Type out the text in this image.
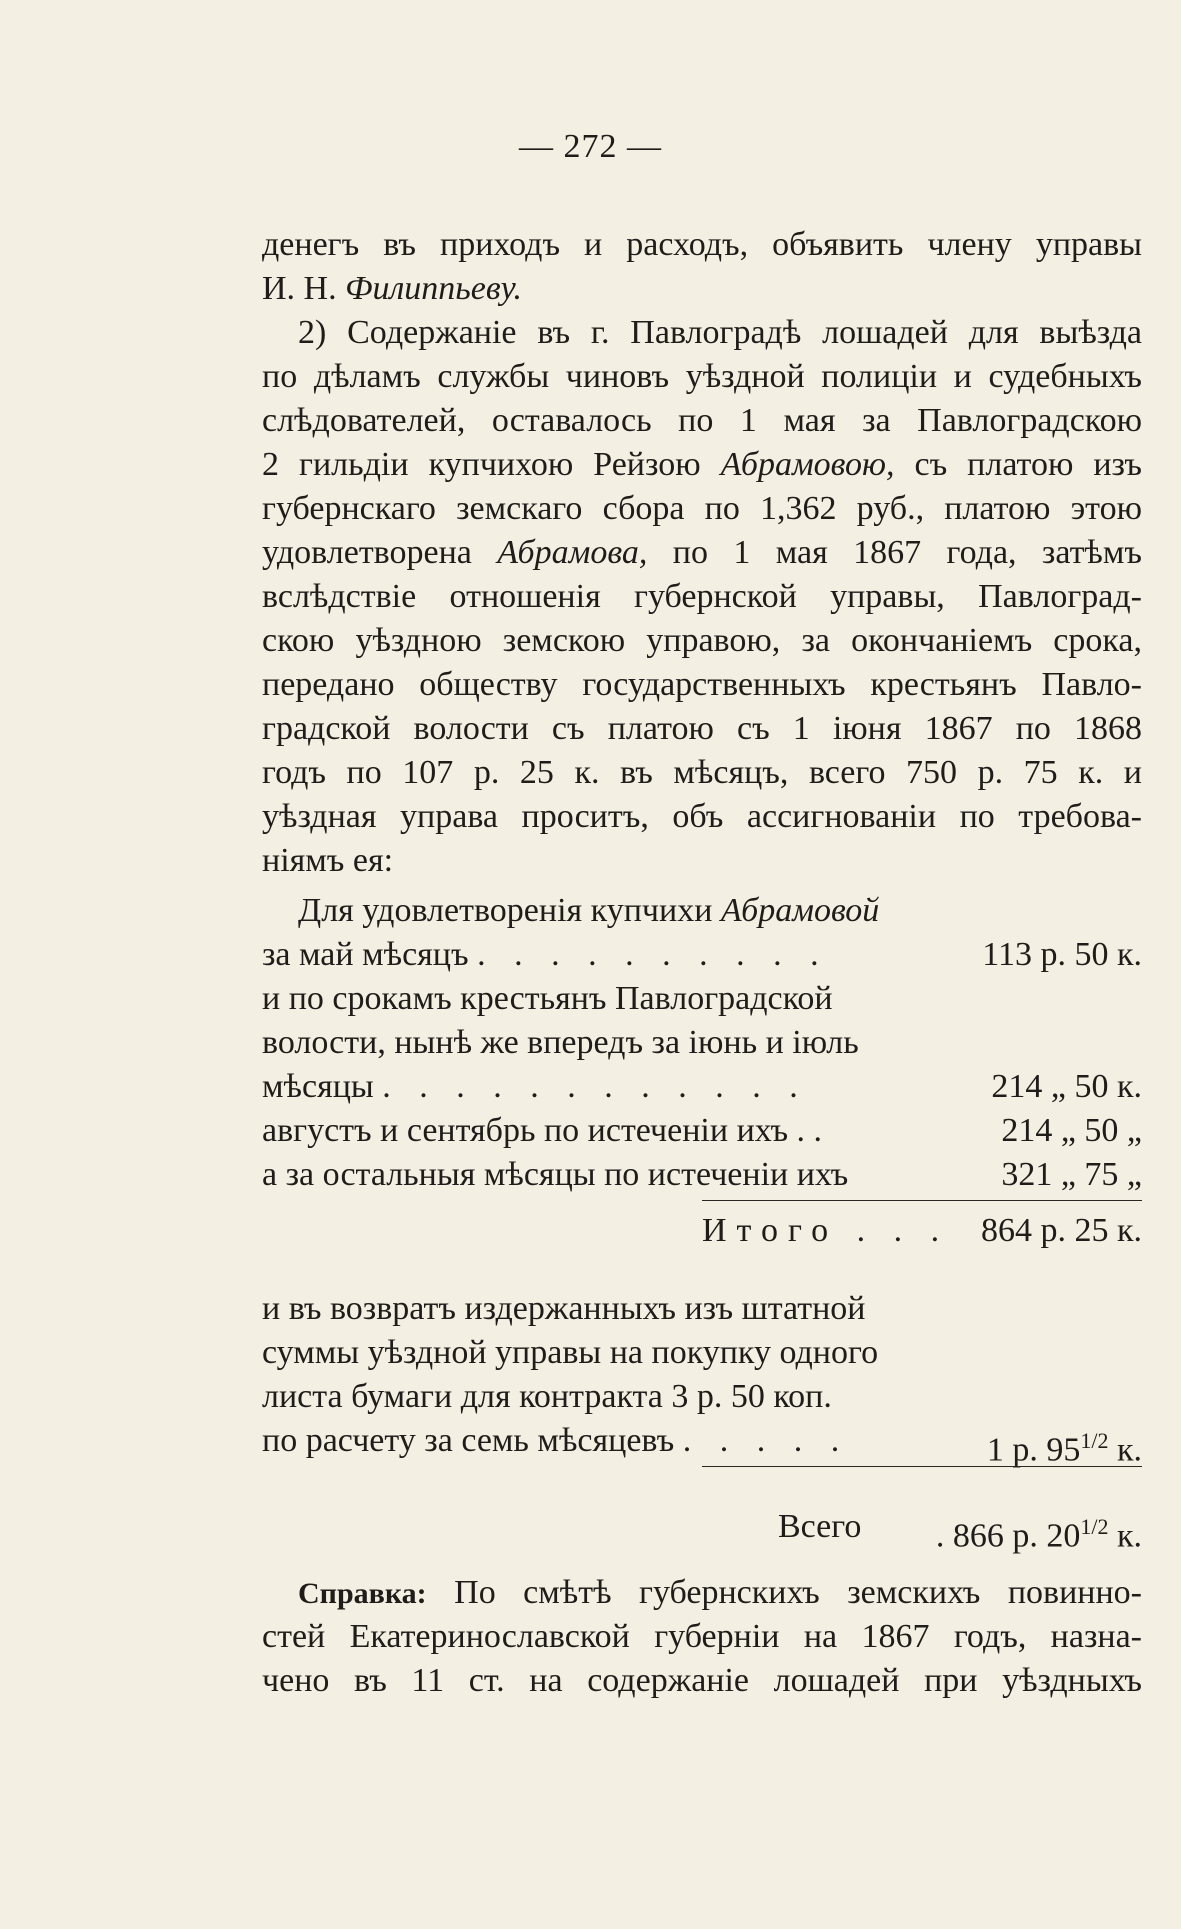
— 272 —
денегъ въ приходъ и расходъ, объявить члену управы
И. Н. Филиппьеву.
2) Содержаніе въ г. Павлоградѣ лошадей для выѣзда
по дѣламъ службы чиновъ уѣздной полиціи и судебныхъ
слѣдователей, оставалось по 1 мая за Павлоградскою
2 гильдіи купчихою Рейзою Абрамовою, съ платою изъ
губернскаго земскаго сбора по 1,362 руб., платою этою
удовлетворена Абрамова, по 1 мая 1867 года, затѣмъ
вслѣдствіе отношенія губернской управы, Павлоград-
скою уѣздною земскою управою, за окончаніемъ срока,
передано обществу государственныхъ крестьянъ Павло-
градской волости съ платою съ 1 іюня 1867 по 1868
годъ по 107 р. 25 к. въ мѣсяцъ, всего 750 р. 75 к. и
уѣздная управа проситъ, объ ассигнованіи по требова-
ніямъ ея:
Для удовлетворенія купчихи Абрамовой
за май мѣсяцъ . . . . . . . . . .	113 р. 50 к.
и по срокамъ крестьянъ Павлоградской
волости, нынѣ же впередъ за іюнь и іюль
мѣсяцы . . . . . . . . . . . .	214 „ 50 к.
августъ и сентябрь по истеченіи ихъ . .	214 „ 50 „
а за остальныя мѣсяцы по истеченіи ихъ	321 „ 75 „
Итого . . . 864 р. 25 к.
и въ возвратъ издержанныхъ изъ штатной
суммы уѣздной управы на покупку одного
листа бумаги для контракта 3 р. 50 коп.
по расчету за семь мѣсяцевъ . . . . .	1 р. $95^{1/2}$ к.
Всего . 866 р. $20^{1/2}$ к.
Справка: По смѣтѣ губернскихъ земскихъ повинно-
стей Екатеринославской губерніи на 1867 годъ, назна-
чено въ 11 ст. на содержаніе лошадей при уѣздныхъ
